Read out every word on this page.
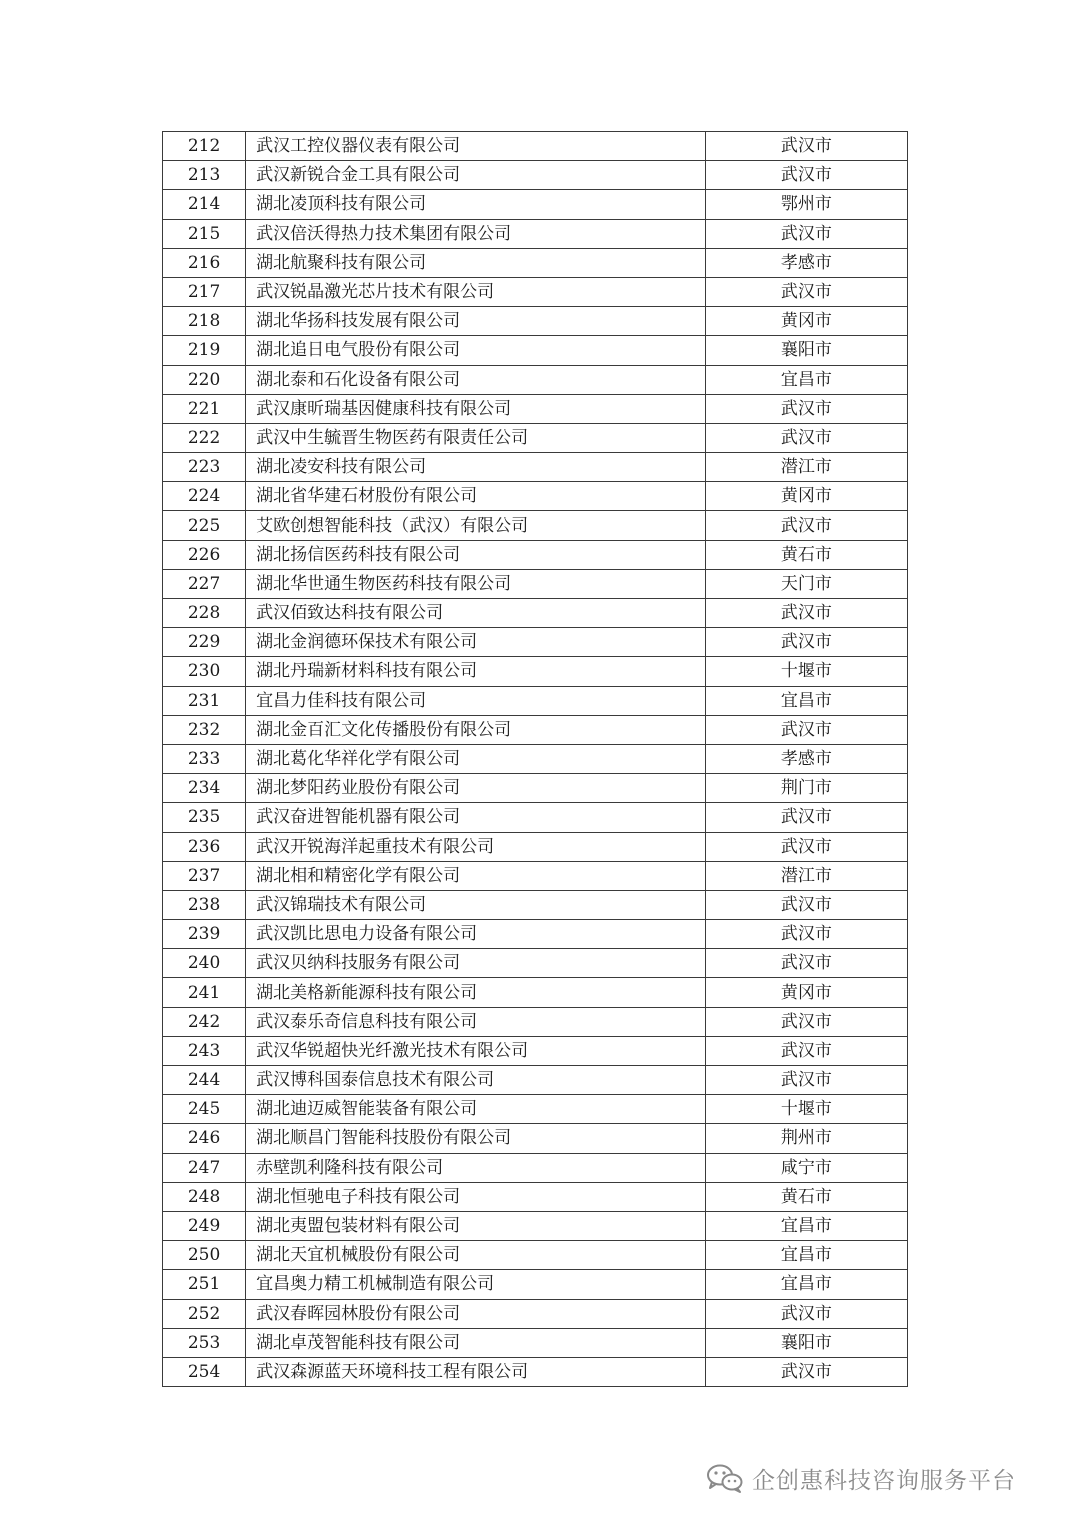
212	武汉工控仪器仪表有限公司	武汉市
213	武汉新锐合金工具有限公司	武汉市
214	湖北凌顶科技有限公司	鄂州市
215	武汉倍沃得热力技术集团有限公司	武汉市
216	湖北航聚科技有限公司	孝感市
217	武汉锐晶激光芯片技术有限公司	武汉市
218	湖北华扬科技发展有限公司	黄冈市
219	湖北追日电气股份有限公司	襄阳市
220	湖北泰和石化设备有限公司	宜昌市
221	武汉康昕瑞基因健康科技有限公司	武汉市
222	武汉中生毓晋生物医药有限责任公司	武汉市
223	湖北凌安科技有限公司	潜江市
224	湖北省华建石材股份有限公司	黄冈市
225	艾欧创想智能科技（武汉）有限公司	武汉市
226	湖北扬信医药科技有限公司	黄石市
227	湖北华世通生物医药科技有限公司	天门市
228	武汉佰致达科技有限公司	武汉市
229	湖北金润德环保技术有限公司	武汉市
230	湖北丹瑞新材料科技有限公司	十堰市
231	宜昌力佳科技有限公司	宜昌市
232	湖北金百汇文化传播股份有限公司	武汉市
233	湖北葛化华祥化学有限公司	孝感市
234	湖北梦阳药业股份有限公司	荆门市
235	武汉奋进智能机器有限公司	武汉市
236	武汉开锐海洋起重技术有限公司	武汉市
237	湖北相和精密化学有限公司	潜江市
238	武汉锦瑞技术有限公司	武汉市
239	武汉凯比思电力设备有限公司	武汉市
240	武汉贝纳科技服务有限公司	武汉市
241	湖北美格新能源科技有限公司	黄冈市
242	武汉泰乐奇信息科技有限公司	武汉市
243	武汉华锐超快光纤激光技术有限公司	武汉市
244	武汉博科国泰信息技术有限公司	武汉市
245	湖北迪迈威智能装备有限公司	十堰市
246	湖北顺昌门智能科技股份有限公司	荆州市
247	赤壁凯利隆科技有限公司	咸宁市
248	湖北恒驰电子科技有限公司	黄石市
249	湖北夷盟包装材料有限公司	宜昌市
250	湖北天宜机械股份有限公司	宜昌市
251	宜昌奥力精工机械制造有限公司	宜昌市
252	武汉春晖园林股份有限公司	武汉市
253	湖北卓茂智能科技有限公司	襄阳市
254	武汉森源蓝天环境科技工程有限公司	武汉市
企创惠科技咨询服务平台
